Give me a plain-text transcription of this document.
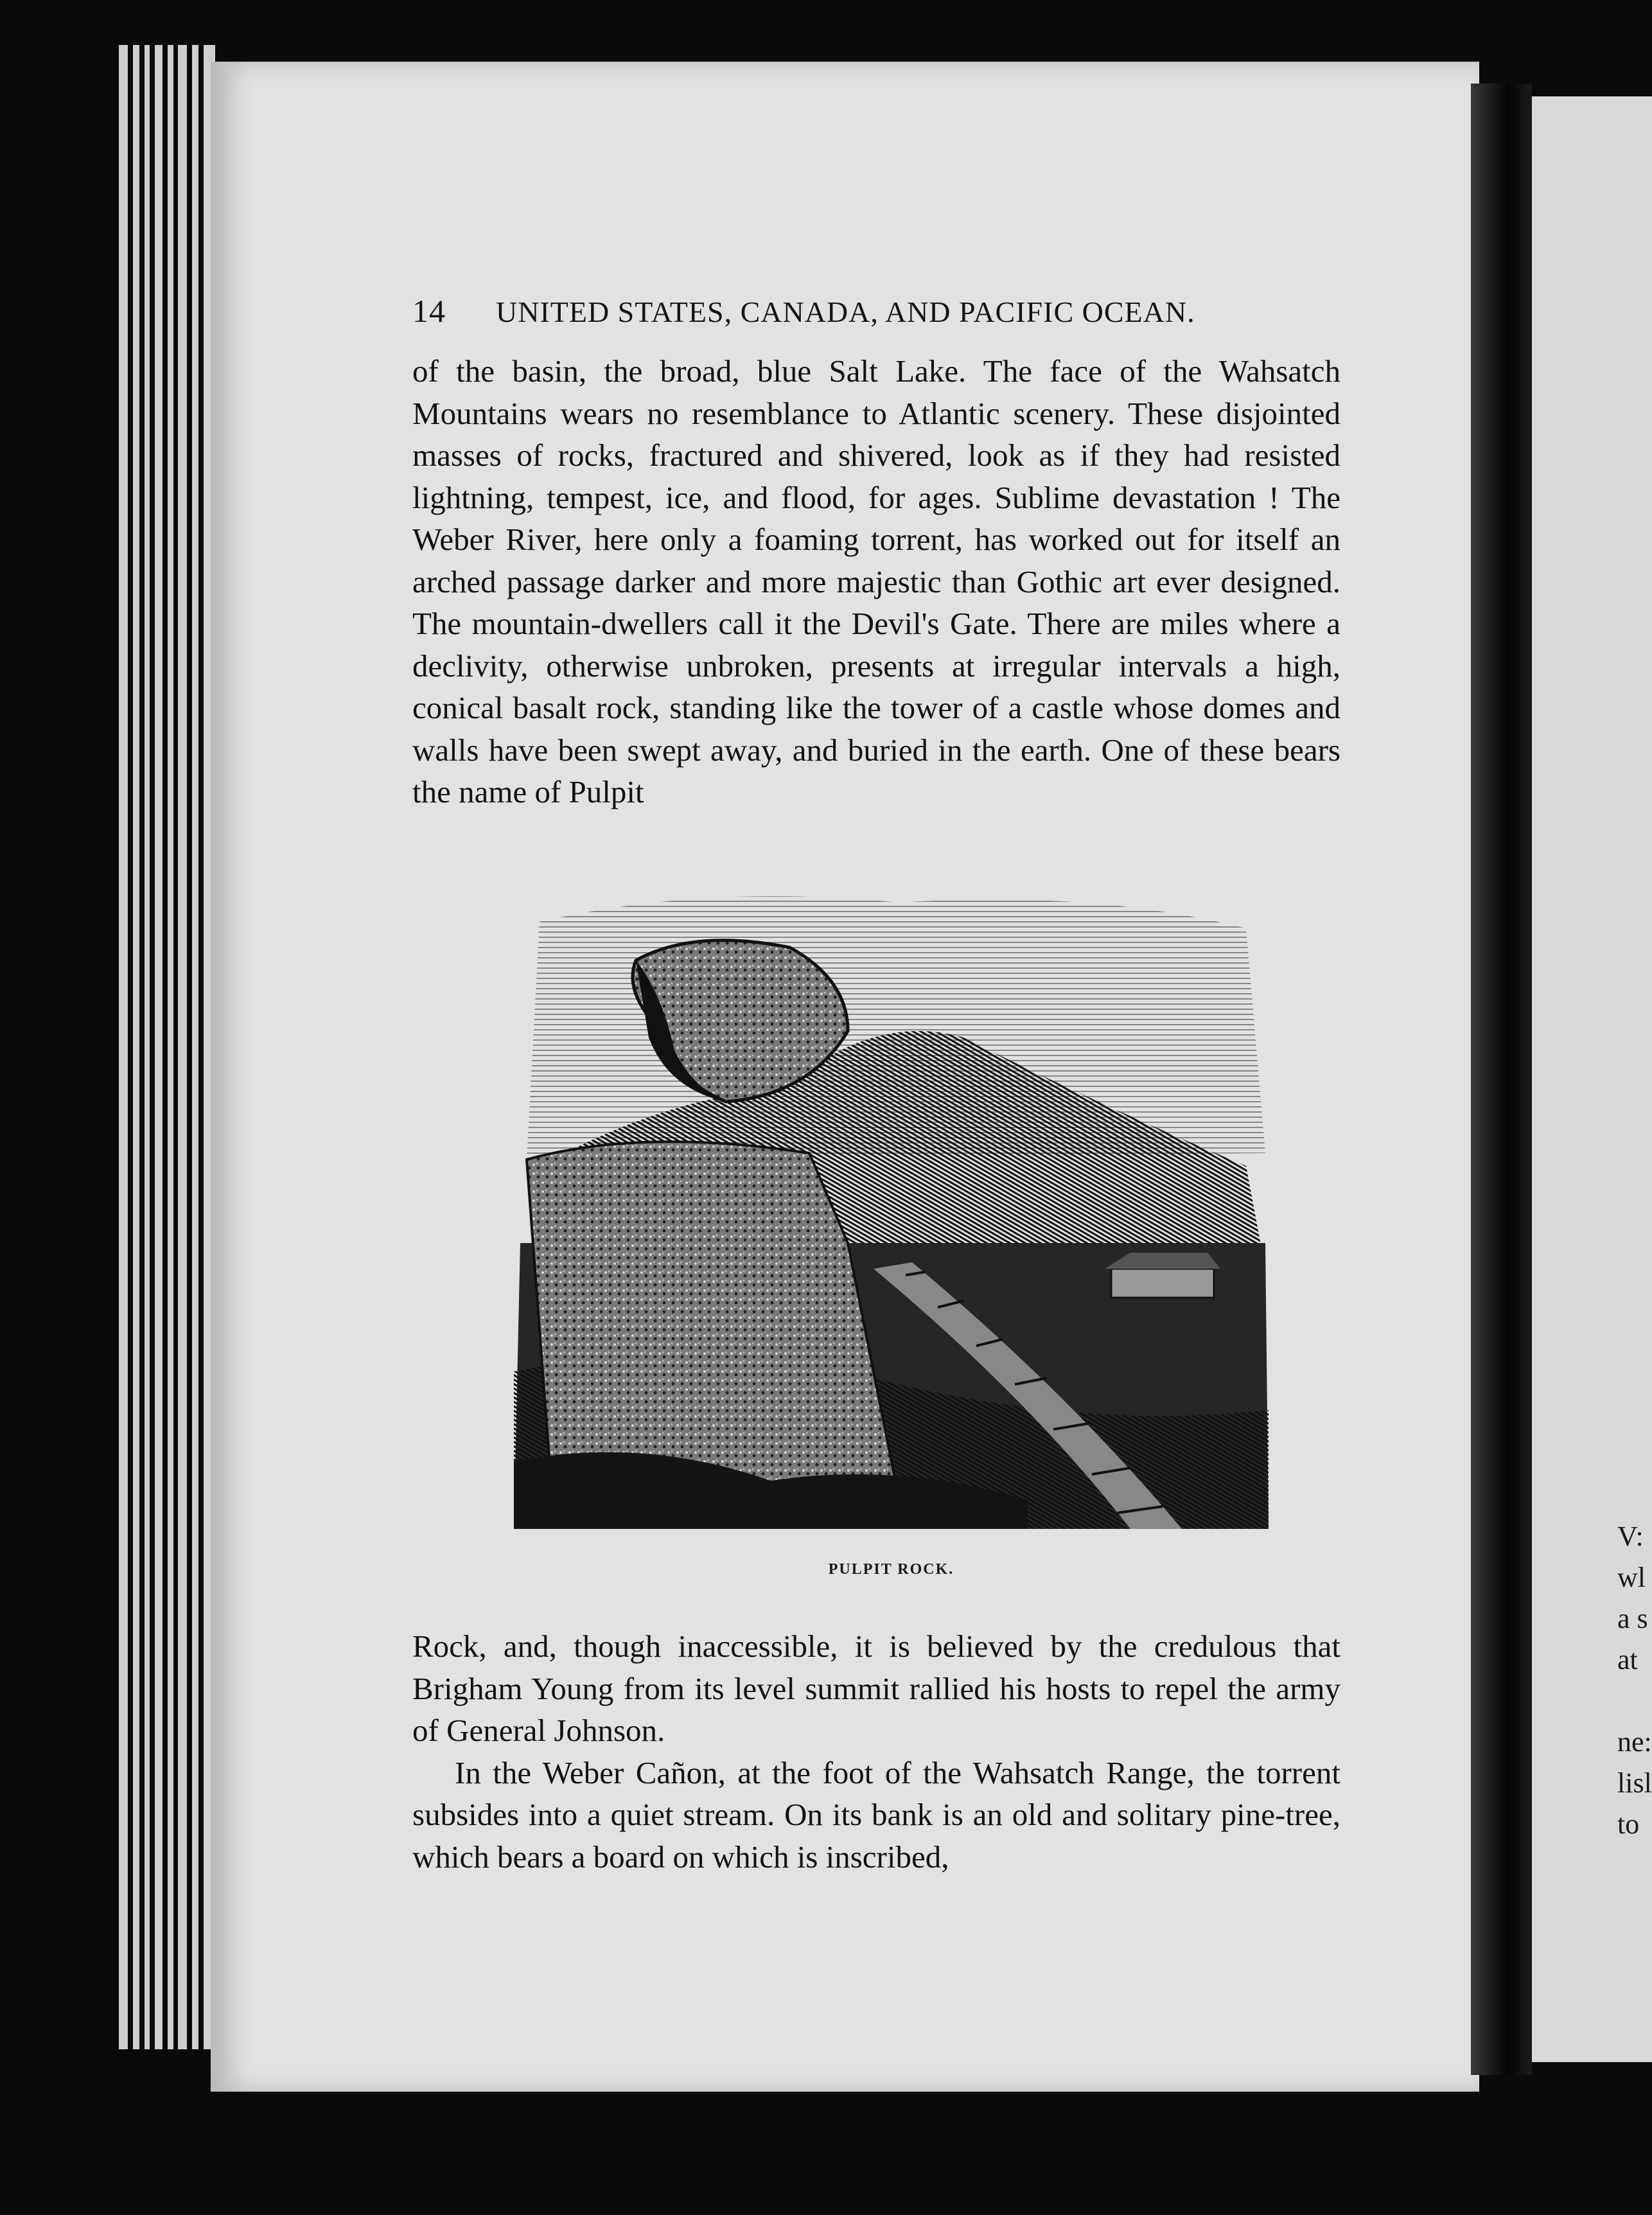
V:
wl
a s
at

ne:
lisl
to
14	UNITED STATES, CANADA, AND PACIFIC OCEAN.

of the basin, the broad, blue Salt Lake. The face of the Wahsatch Mountains wears no resemblance to Atlantic scenery. These disjointed masses of rocks, fractured and shivered, look as if they had resisted lightning, tempest, ice, and flood, for ages. Sublime devastation ! The Weber River, here only a foaming torrent, has worked out for itself an arched passage darker and more majestic than Gothic art ever designed. The mountain-dwellers call it the Devil's Gate. There are miles where a declivity, otherwise unbroken, presents at irregular intervals a high, conical basalt rock, standing like the tower of a castle whose domes and walls have been swept away, and buried in the earth. One of these bears the name of Pulpit

PULPIT ROCK.

Rock, and, though inaccessible, it is believed by the credulous that Brigham Young from its level summit rallied his hosts to repel the army of General Johnson.

In the Weber Cañon, at the foot of the Wahsatch Range, the torrent subsides into a quiet stream. On its bank is an old and solitary pine-tree, which bears a board on which is inscribed,
